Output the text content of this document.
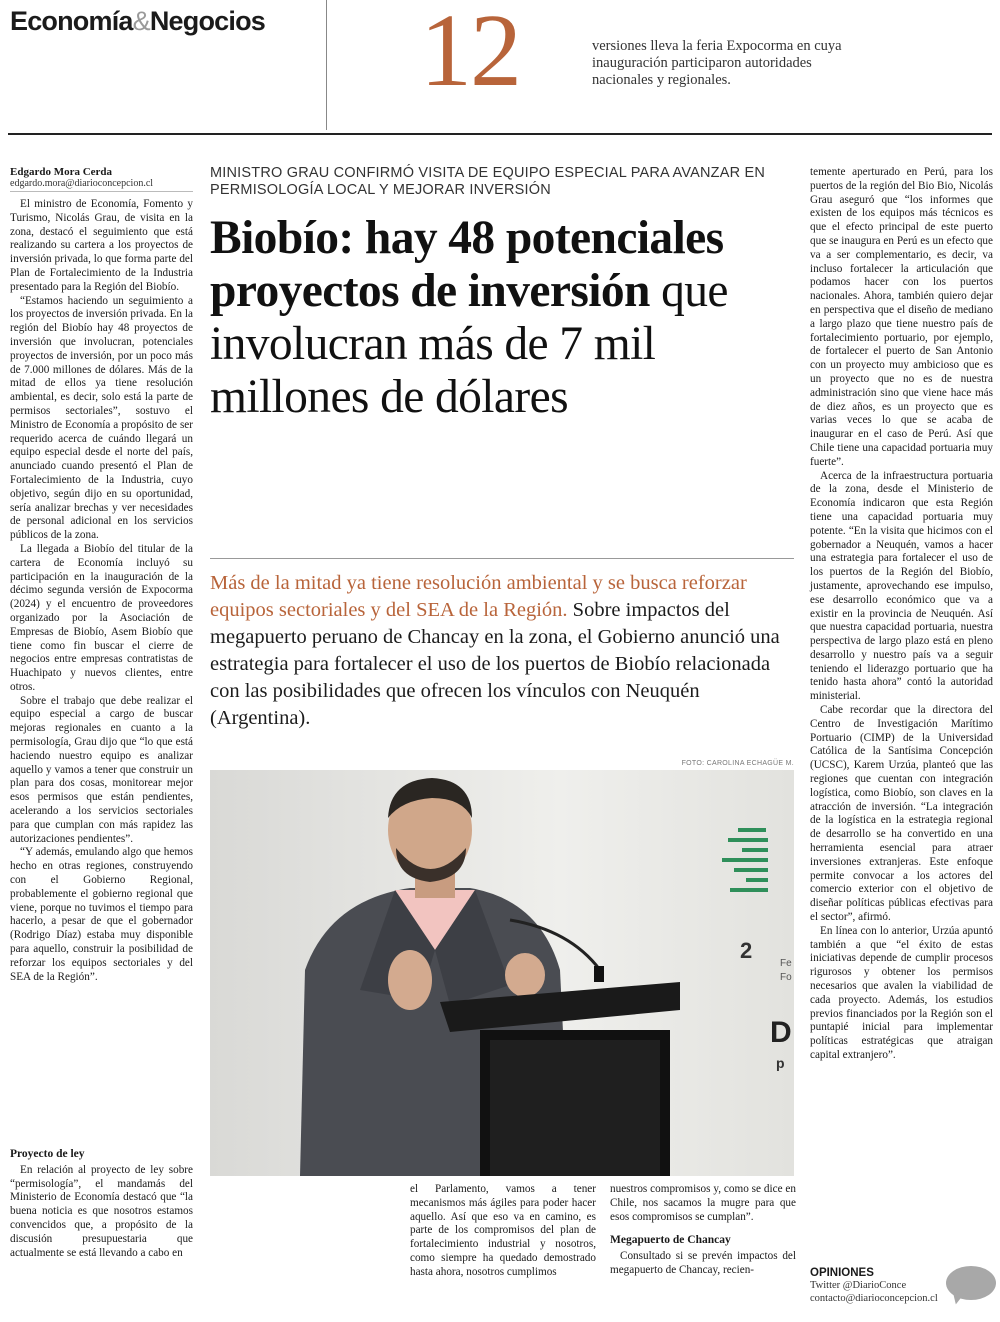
Economía&Negocios 12	versiones lleva la feria Expocorma en cuya inauguración participaron autoridades nacionales y regionales.
Edgardo Mora Cerda
edgardo.mora@diarioconcepcion.cl

El ministro de Economía, Fomento y Turismo, Nicolás Grau, de visita en la zona, destacó el seguimiento que está realizando su cartera a los proyectos de inversión privada, lo que forma parte del Plan de Fortalecimiento de la Industria presentado para la Región del Biobío.

“Estamos haciendo un seguimiento a los proyectos de inversión privada. En la región del Biobío hay 48 proyectos de inversión que involucran, potenciales proyectos de inversión, por un poco más de 7.000 millones de dólares. Más de la mitad de ellos ya tiene resolución ambiental, es decir, solo está la parte de permisos sectoriales”, sostuvo el Ministro de Economía a propósito de ser requerido acerca de cuándo llegará un equipo especial desde el norte del país, anunciado cuando presentó el Plan de Fortalecimiento de la Industria, cuyo objetivo, según dijo en su oportunidad, sería analizar brechas y ver necesidades de personal adicional en los servicios públicos de la zona.

La llegada a Biobío del titular de la cartera de Economía incluyó su participación en la inauguración de la décimo segunda versión de Expocorma (2024) y el encuentro de proveedores organizado por la Asociación de Empresas de Biobío, Asem Biobío que tiene como fin buscar el cierre de negocios entre empresas contratistas de Huachipato y nuevos clientes, entre otros.

Sobre el trabajo que debe realizar el equipo especial a cargo de buscar mejoras regionales en cuanto a la permisología, Grau dijo que “lo que está haciendo nuestro equipo es analizar aquello y vamos a tener que construir un plan para dos cosas, monitorear mejor esos permisos que están pendientes, acelerando a los servicios sectoriales para que cumplan con más rapidez las autorizaciones pendientes”.

“Y además, emulando algo que hemos hecho en otras regiones, construyendo con el Gobierno Regional, probablemente el gobierno regional que viene, porque no tuvimos el tiempo para hacerlo, a pesar de que el gobernador (Rodrigo Díaz) estaba muy disponible para aquello, construir la posibilidad de reforzar los equipos sectoriales y del SEA de la Región”.

Proyecto de ley

En relación al proyecto de ley sobre “permisología”, el mandamás del Ministerio de Economía destacó que “la buena noticia es que nosotros estamos convencidos que, a propósito de la discusión presupuestaria que actualmente se está llevando a cabo en

MINISTRO GRAU CONFIRMÓ VISITA DE EQUIPO ESPECIAL PARA AVANZAR EN PERMISOLOGÍA LOCAL Y MEJORAR INVERSIÓN
Biobío: hay 48 potenciales proyectos de inversión que involucran más de 7 mil millones de dólares
Más de la mitad ya tiene resolución ambiental y se busca reforzar equipos sectoriales y del SEA de la Región. Sobre impactos del megapuerto peruano de Chancay en la zona, el Gobierno anunció una estrategia para fortalecer el uso de los puertos de Biobío relacionada con las posibilidades que ofrecen los vínculos con Neuquén (Argentina).
FOTO: CAROLINA ECHAGÜE M.
2
Fe
Fo
D
p

el Parlamento, vamos a tener mecanismos más ágiles para poder hacer aquello. Así que eso va en camino, es parte de los compromisos del plan de fortalecimiento industrial y nosotros, como siempre ha quedado demostrado hasta ahora, nosotros cumplimos

nuestros compromisos y, como se dice en Chile, nos sacamos la mugre para que esos compromisos se cumplan”.

Megapuerto de Chancay

Consultado si se prevén impactos del megapuerto de Chancay, recien-

temente aperturado en Perú, para los puertos de la región del Bio Bio, Nicolás Grau aseguró que “los informes que existen de los equipos más técnicos es que el efecto principal de este puerto que se inaugura en Perú es un efecto que va a ser complementario, es decir, va incluso fortalecer la articulación que podamos hacer con los puertos nacionales. Ahora, también quiero dejar en perspectiva que el diseño de mediano a largo plazo que tiene nuestro país de fortalecimiento portuario, por ejemplo, de fortalecer el puerto de San Antonio con un proyecto muy ambicioso que es un proyecto que no es de nuestra administración sino que viene hace más de diez años, es un proyecto que es varias veces lo que se acaba de inaugurar en el caso de Perú. Así que Chile tiene una capacidad portuaria muy fuerte”.

Acerca de la infraestructura portuaria de la zona, desde el Ministerio de Economía indicaron que esta Región tiene una capacidad portuaria muy potente. “En la visita que hicimos con el gobernador a Neuquén, vamos a hacer una estrategia para fortalecer el uso de los puertos de la Región del Biobío, justamente, aprovechando ese impulso, ese desarrollo económico que va a existir en la provincia de Neuquén. Así que nuestra capacidad portuaria, nuestra perspectiva de largo plazo está en pleno desarrollo y nuestro país va a seguir teniendo el liderazgo portuario que ha tenido hasta ahora” contó la autoridad ministerial.

Cabe recordar que la directora del Centro de Investigación Marítimo Portuario (CIMP) de la Universidad Católica de la Santísima Concepción (UCSC), Karem Urzúa, planteó que las regiones que cuentan con integración logística, como Biobío, son claves en la atracción de inversión. “La integración de la logística en la estrategia regional de desarrollo se ha convertido en una herramienta esencial para atraer inversiones extranjeras. Este enfoque permite convocar a los actores del comercio exterior con el objetivo de diseñar políticas públicas efectivas para el sector”, afirmó.

En línea con lo anterior, Urzúa apuntó también a que “el éxito de estas iniciativas depende de cumplir procesos rigurosos y obtener los permisos necesarios que avalen la viabilidad de cada proyecto. Además, los estudios previos financiados por la Región son el puntapié inicial para implementar políticas estratégicas que atraigan capital extranjero”.

OPINIONES
Twitter @DiarioConce
contacto@diarioconcepcion.cl
